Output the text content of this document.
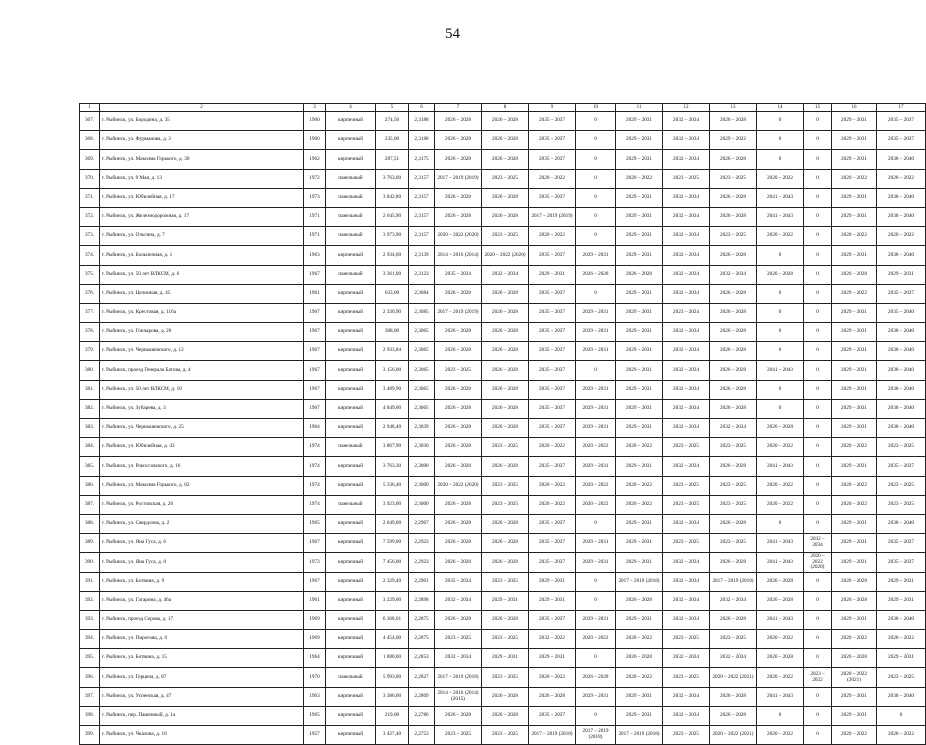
54
1	2	3	4	5	6	7	8	9	10	11	12	13	14	15	16	17
367.	г. Рыбинск, ул. Бородина, д. 35	1960	кирпичный	274,50	2,3188	2026 – 2028	2026 – 2028	2035 – 2037	0	2029 – 2031	2032 – 2034	2026 – 2028	0	0	2029 – 2031	2035 – 2037
368.	г. Рыбинск, ул. Фурманова, д. 3	1960	кирпичный	235,00	2,3188	2026 – 2028	2026 – 2028	2035 – 2037	0	2029 – 2031	2032 – 2034	2029 – 2022	0	0	2029 – 2031	2035 – 2037
369.	г. Рыбинск, ул. Максима Горького, д. 30	1962	кирпичный	287,51	2,3175	2026 – 2028	2026 – 2028	2035 – 2037	0	2029 – 2031	2032 – 2034	2026 – 2028	0	0	2029 – 2031	2038 – 2040
370.	г. Рыбинск, ул. 9 Мая, д. 13	1972	панельный	3 763,00	2,3157	2017 – 2019 (2019)	2023 – 2025	2020 – 2022	0	2020 – 2022	2023 – 2025	2023 – 2025	2020 – 2022	0	2020 – 2022	2020 – 2022
371.	г. Рыбинск, ул. Юбилейная, д. 17	1973	панельный	3 842,80	2,3157	2026 – 2028	2026 – 2028	2035 – 2037	0	2029 – 2031	2032 – 2034	2026 – 2028	2041 – 2043	0	2029 – 2031	2038 – 2040
372.	г. Рыбинск, ул. Железнодорожная, д. 17	1971	панельный	2 645,90	2,3157	2026 – 2028	2026 – 2028	2017 – 2019 (2019)	0	2029 – 2031	2032 – 2034	2026 – 2028	2041 – 2043	0	2029 – 2031	2038 – 2040
373.	г. Рыбинск, ул. Ольгина, д. 7	1971	панельный	3 973,90	2,3157	2020 – 2022 (2020)	2023 – 2025	2020 – 2022	0	2029 – 2031	2032 – 2034	2023 – 2025	2020 – 2022	0	2020 – 2022	2020 – 2022
374.	г. Рыбинск, ул. Больничная, д. 1	1963	кирпичный	2 934,60	2,3139	2014 – 2016 (2014)	2020 – 2022 (2020)	2035 – 2037	2029 – 2031	2029 – 2031	2032 – 2034	2026 – 2028	0	0	2029 – 2031	2038 – 2040
375.	г. Рыбинск, ул. 50 лет ВЛКСМ, д. 6	1967	панельный	3 361,00	2,3123	2035 – 2034	2032 – 2034	2029 – 2031	2026 – 2028	2026 – 2028	2032 – 2034	2032 – 2034	2026 – 2028	0	2026 – 2028	2029 – 2031
376.	г. Рыбинск, ул. Целинная, д. 45	1961	кирпичный	633,00	2,3084	2026 – 2028	2026 – 2028	2035 – 2037	0	2029 – 2031	2032 – 2034	2026 – 2028	0	0	2029 – 2022	2035 – 2037
377.	г. Рыбинск, ул. Крестовая, д. 116а	1967	кирпичный	2 330,90	2,3085	2017 – 2019 (2019)	2026 – 2028	2035 – 2037	2029 – 2031	2029 – 2031	2023 – 2024	2026 – 2028	0	0	2029 – 2031	2035 – 2040
378.	г. Рыбинск, ул. Гончарова, д. 26	1967	кирпичный	308,00	2,3065	2026 – 2028	2026 – 2028	2035 – 2037	2029 – 2031	2029 – 2031	2032 – 2034	2026 – 2028	0	0	2029 – 2031	2038 – 2040
379.	г. Рыбинск, ул. Чернышевского, д. 12	1967	кирпичный	2 933,84	2,3065	2026 – 2028	2026 – 2028	2035 – 2037	2029 – 2031	2029 – 2031	2032 – 2034	2026 – 2028	0	0	2029 – 2031	2038 – 2040
380.	г. Рыбинск, проезд Генерала Батова, д. 4	1967	кирпичный	3 156,00	2,3065	2023 – 2025	2026 – 2028	2035 – 2037	0	2029 – 2031	2032 – 2034	2026 – 2028	2041 – 2043	0	2029 – 2031	2038 – 2040
381.	г. Рыбинск, ул. 50 лет ВЛКСМ, д. 10	1967	кирпичный	3 489,90	2,3065	2026 – 2028	2026 – 2028	2035 – 2037	2029 – 2031	2029 – 2031	2032 – 2034	2026 – 2028	0	0	2029 – 2031	2038 – 2040
382.	г. Рыбинск, ул. Зубарева, д. 3	1967	кирпичный	4 849,00	2,3065	2026 – 2028	2026 – 2028	2035 – 2037	2029 – 2031	2029 – 2031	2032 – 2034	2026 – 2028	0	0	2029 – 2031	2038 – 2040
383.	г. Рыбинск, ул. Чернышевского, д. 25	1964	кирпичный	2 948,40	2,3039	2026 – 2028	2026 – 2028	2035 – 2037	2029 – 2031	2029 – 2031	2032 – 2034	2032 – 2034	2026 – 2028	0	2029 – 2031	2038 – 2040
384.	г. Рыбинск, ул. Юбилейная, д. 43	1974	панельный	3 867,90	2,3030	2026 – 2028	2023 – 2025	2020 – 2022	2020 – 2022	2020 – 2022	2023 – 2025	2023 – 2025	2020 – 2022	0	2020 – 2022	2023 – 2025
385.	г. Рыбинск, ул. Рокоссовского, д. 16	1974	кирпичный	3 763,30	2,3000	2026 – 2028	2026 – 2028	2035 – 2037	2029 – 2031	2029 – 2031	2032 – 2034	2026 – 2028	2041 – 2043	0	2029 – 2031	2035 – 2037
386.	г. Рыбинск, ул. Максима Горького, д. 82	1974	кирпичный	5 336,40	2,3000	2020 – 2022 (2020)	2023 – 2025	2020 – 2022	2020 – 2022	2020 – 2022	2023 – 2025	2023 – 2025	2020 – 2022	0	2020 – 2022	2023 – 2025
387.	г. Рыбинск, ул. Ростовская, д. 20	1974	панельный	3 923,00	2,3000	2026 – 2028	2023 – 2025	2020 – 2022	2020 – 2022	2020 – 2022	2023 – 2025	2023 – 2025	2020 – 2022	0	2020 – 2022	2023 – 2025
388.	г. Рыбинск, ул. Свердлова, д. 2	1965	кирпичный	2 649,00	2,2967	2026 – 2028	2026 – 2028	2035 – 2037	0	2029 – 2031	2032 – 2034	2026 – 2028	0	0	2029 – 2031	2038 – 2040
389.	г. Рыбинск, ул. Яна Гуса, д. 6	1967	кирпичный	7 599,00	2,2923	2026 – 2028	2026 – 2028	2035 – 2037	2029 – 2031	2029 – 2031	2023 – 2025	2023 – 2025	2041 – 2043	2032 – 2034	2029 – 2031	2035 – 2037
390.	г. Рыбинск, ул. Яна Гуса, д. 8	1973	кирпичный	7 456,00	2,2923	2026 – 2028	2026 – 2028	2035 – 2037	2029 – 2031	2029 – 2031	2032 – 2034	2026 – 2028	2041 – 2043	2020 – 2022 (2020)	2029 – 2031	2035 – 2037
391.	г. Рыбинск, ул. Ботвина, д. 9	1967	кирпичный	2 329,40	2,2901	2035 – 2034	2023 – 2025	2029 – 2031	0	2017 – 2019 (2018)	2032 – 2034	2017 – 2019 (2018)	2026 – 2028	0	2026 – 2028	2029 – 2031
392.	г. Рыбинск, ул. Гагарина, д. 46а	1961	кирпичный	3 229,00	2,2898	2032 – 2034	2029 – 2031	2029 – 2031	0	2026 – 2028	2032 – 2034	2032 – 2034	2026 – 2028	0	2026 – 2028	2029 – 2031
393.	г. Рыбинск, проезд Серова, д. 17	1969	кирпичный	6 368,01	2,2875	2026 – 2028	2026 – 2028	2035 – 2037	2029 – 2031	2029 – 2031	2032 – 2034	2026 – 2028	2041 – 2043	0	2029 – 2031	2038 – 2040
394.	г. Рыбинск, ул. Пирогова, д. 6	1969	кирпичный	4 454,00	2,2875	2023 – 2025	2023 – 2025	2032 – 2022	2020 – 2022	2020 – 2022	2023 – 2025	2023 – 2025	2020 – 2022	0	2020 – 2022	2020 – 2022
395.	г. Рыбинск, ул. Ботвина, д. 15	1964	кирпичный	1 880,00	2,2853	2032 – 2034	2029 – 2031	2029 – 2031	0	2026 – 2028	2032 – 2034	2032 – 2034	2026 – 2028	0	2026 – 2028	2029 – 2031
396.	г. Рыбинск, ул. Герцена, д. 87	1970	панельный	5 993,00	2,2827	2017 – 2019 (2018)	2023 – 2025	2020 – 2022	2026 – 2028	2020 – 2022	2023 – 2025	2020 – 2022 (2021)	2020 – 2022	2023 – 2022	2020 – 2022 (2021)	2023 – 2025
397.	г. Рыбинск, ул. Успенская, д. 47	1963	кирпичный	3 386,00	2,2809	2014 – 2016 (2014)(2015)	2026 – 2028	2026 – 2028	2029 – 2031	2029 – 2031	2032 – 2034	2026 – 2028	2041 – 2043	0	2029 – 2031	2038 – 2040
398.	г. Рыбинск, пер. Пашенный, д. 1а	1965	кирпичный	219,00	2,2786	2026 – 2028	2026 – 2028	2035 – 2037	0	2029 – 2031	2032 – 2034	2026 – 2028	0	0	2029 – 2031	0
399.	г. Рыбинск, ул. Чкалова, д. 10	1957	кирпичный	3 427,40	2,2753	2023 – 2025	2023 – 2025	2017 – 2019 (2018)	2017 – 2019 (2018)	2017 – 2019 (2018)	2023 – 2025	2020 – 2022 (2021)	2020 – 2022	0	2020 – 2022	2020 – 2022
